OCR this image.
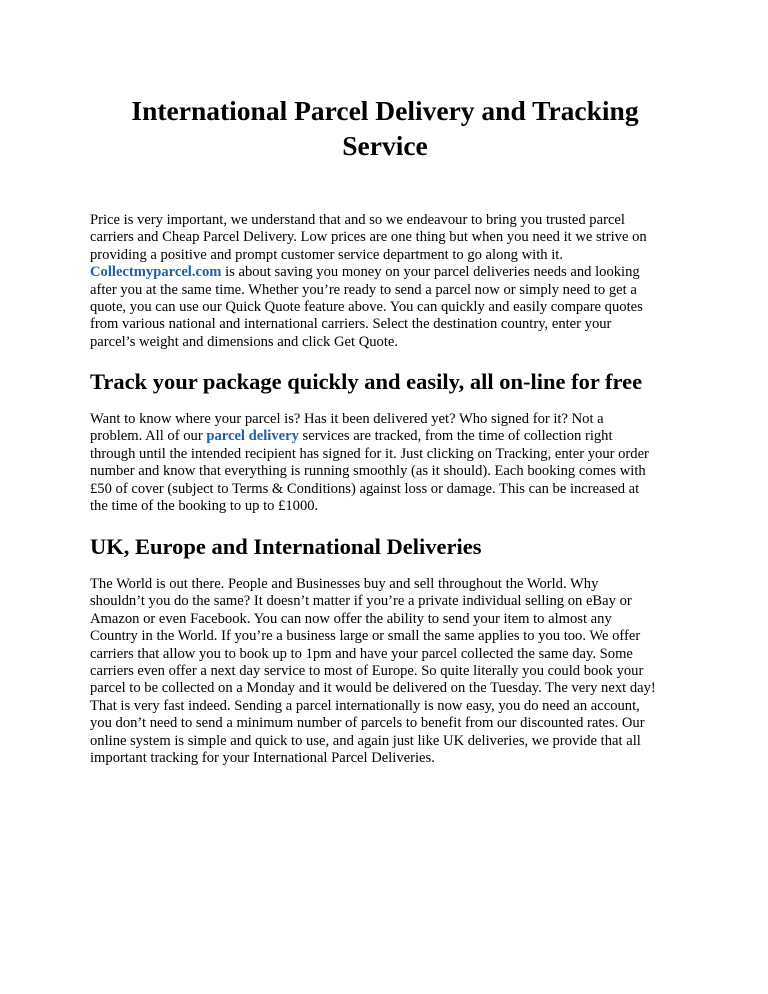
International Parcel Delivery and Tracking
Service
Price is very important, we understand that and so we endeavour to bring you trusted parcel
carriers and Cheap Parcel Delivery. Low prices are one thing but when you need it we strive on
providing a positive and prompt customer service department to go along with it.
Collectmyparcel.com is about saving you money on your parcel deliveries needs and looking
after you at the same time. Whether you’re ready to send a parcel now or simply need to get a
quote, you can use our Quick Quote feature above. You can quickly and easily compare quotes
from various national and international carriers. Select the destination country, enter your
parcel’s weight and dimensions and click Get Quote.
Track your package quickly and easily, all on-line for free
Want to know where your parcel is? Has it been delivered yet? Who signed for it? Not a
problem. All of our parcel delivery services are tracked, from the time of collection right
through until the intended recipient has signed for it. Just clicking on Tracking, enter your order
number and know that everything is running smoothly (as it should). Each booking comes with
£50 of cover (subject to Terms & Conditions) against loss or damage. This can be increased at
the time of the booking to up to £1000.
UK, Europe and International Deliveries
The World is out there. People and Businesses buy and sell throughout the World. Why
shouldn’t you do the same? It doesn’t matter if you’re a private individual selling on eBay or
Amazon or even Facebook. You can now offer the ability to send your item to almost any
Country in the World. If you’re a business large or small the same applies to you too. We offer
carriers that allow you to book up to 1pm and have your parcel collected the same day. Some
carriers even offer a next day service to most of Europe. So quite literally you could book your
parcel to be collected on a Monday and it would be delivered on the Tuesday. The very next day!
That is very fast indeed. Sending a parcel internationally is now easy, you do need an account,
you don’t need to send a minimum number of parcels to benefit from our discounted rates. Our
online system is simple and quick to use, and again just like UK deliveries, we provide that all
important tracking for your International Parcel Deliveries.
